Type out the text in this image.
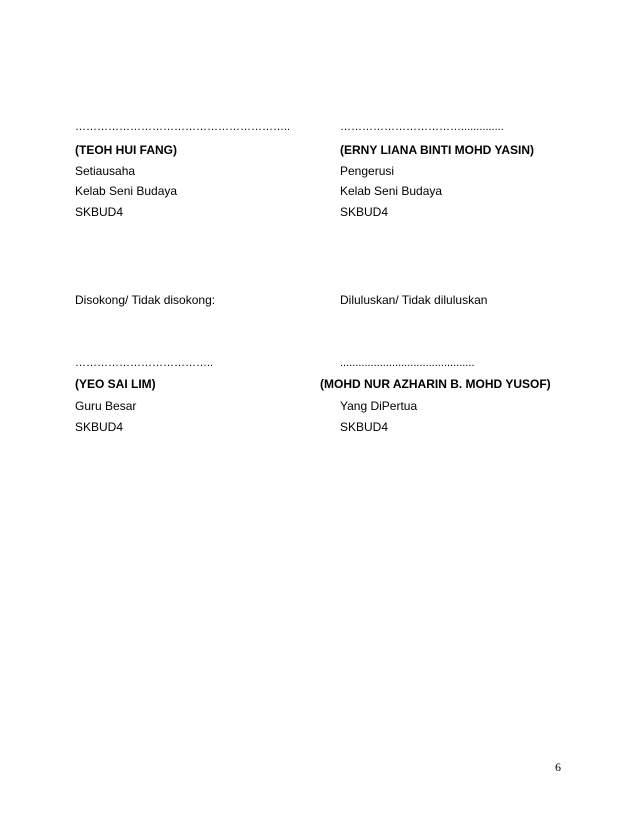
…………………………………………………..
(TEOH HUI FANG)
Setiausaha
Kelab Seni Budaya
SKBUD4
……………………………..............
(ERNY LIANA BINTI MOHD YASIN)
Pengerusi
Kelab Seni Budaya
SKBUD4
Disokong/ Tidak disokong:	Diluluskan/ Tidak diluluskan
………………………………..
(YEO SAI LIM)
Guru Besar
SKBUD4
............................................
(MOHD NUR AZHARIN B. MOHD YUSOF)
Yang DiPertua
SKBUD4
6
